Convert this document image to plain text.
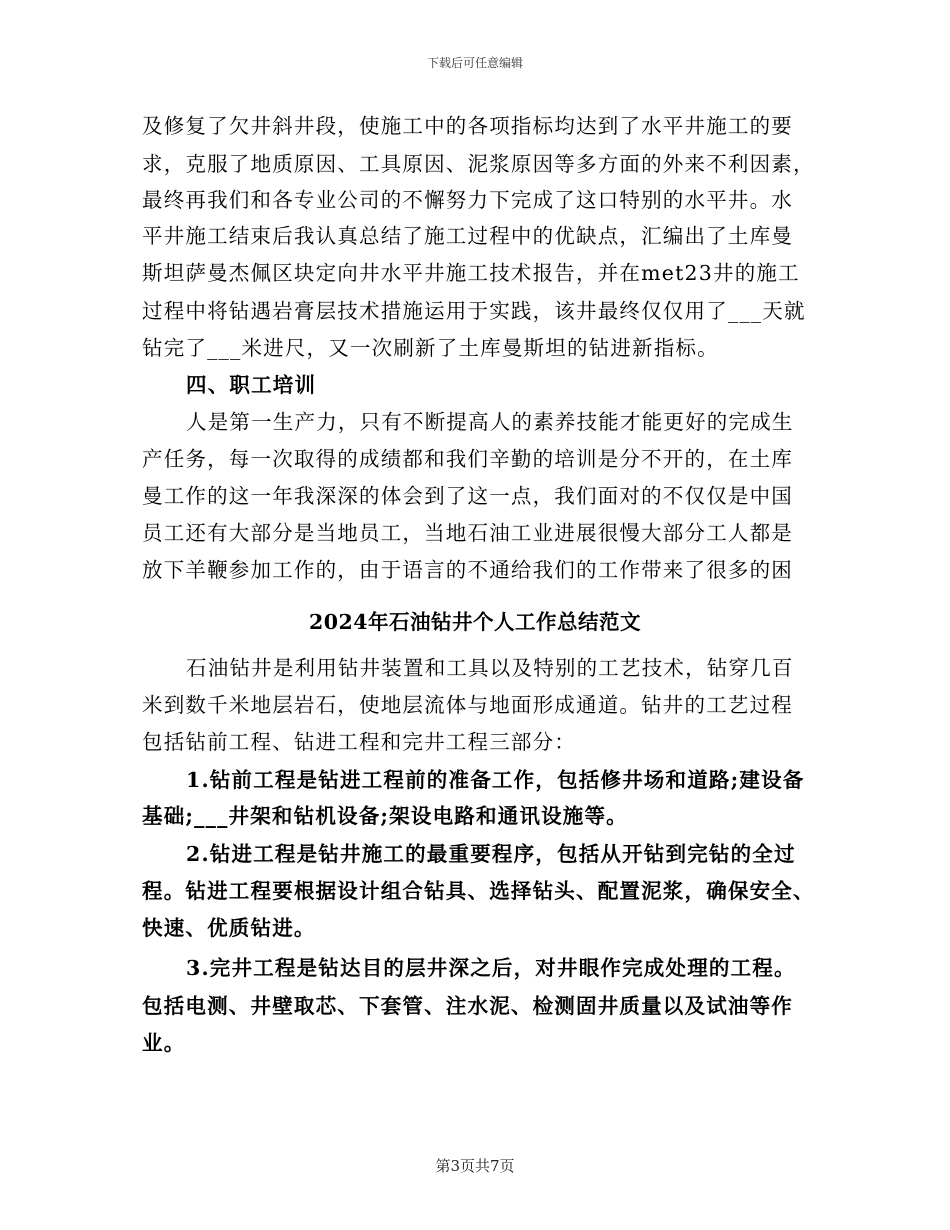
下载后可任意编辑
及修复了欠井斜井段，使施工中的各项指标均达到了水平井施工的要
求，克服了地质原因、工具原因、泥浆原因等多方面的外来不利因素，
最终再我们和各专业公司的不懈努力下完成了这口特别的水平井。水
平井施工结束后我认真总结了施工过程中的优缺点，汇编出了土库曼
斯坦萨曼杰佩区块定向井水平井施工技术报告，并在met23井的施工
过程中将钻遇岩膏层技术措施运用于实践，该井最终仅仅用了___天就
钻完了___米进尺，又一次刷新了土库曼斯坦的钻进新指标。
四、职工培训
人是第一生产力，只有不断提高人的素养技能才能更好的完成生
产任务，每一次取得的成绩都和我们辛勤的培训是分不开的，在土库
曼工作的这一年我深深的体会到了这一点，我们面对的不仅仅是中国
员工还有大部分是当地员工，当地石油工业进展很慢大部分工人都是
放下羊鞭参加工作的，由于语言的不通给我们的工作带来了很多的困
2024年石油钻井个人工作总结范文
石油钻井是利用钻井装置和工具以及特别的工艺技术，钻穿几百
米到数千米地层岩石，使地层流体与地面形成通道。钻井的工艺过程
包括钻前工程、钻进工程和完井工程三部分：
1.钻前工程是钻进工程前的准备工作，包括修井场和道路;建设备
基础;___井架和钻机设备;架设电路和通讯设施等。
2.钻进工程是钻井施工的最重要程序，包括从开钻到完钻的全过
程。钻进工程要根据设计组合钻具、选择钻头、配置泥浆，确保安全、
快速、优质钻进。
3.完井工程是钻达目的层井深之后，对井眼作完成处理的工程。
包括电测、井壁取芯、下套管、注水泥、检测固井质量以及试油等作
业。
第3页共7页
